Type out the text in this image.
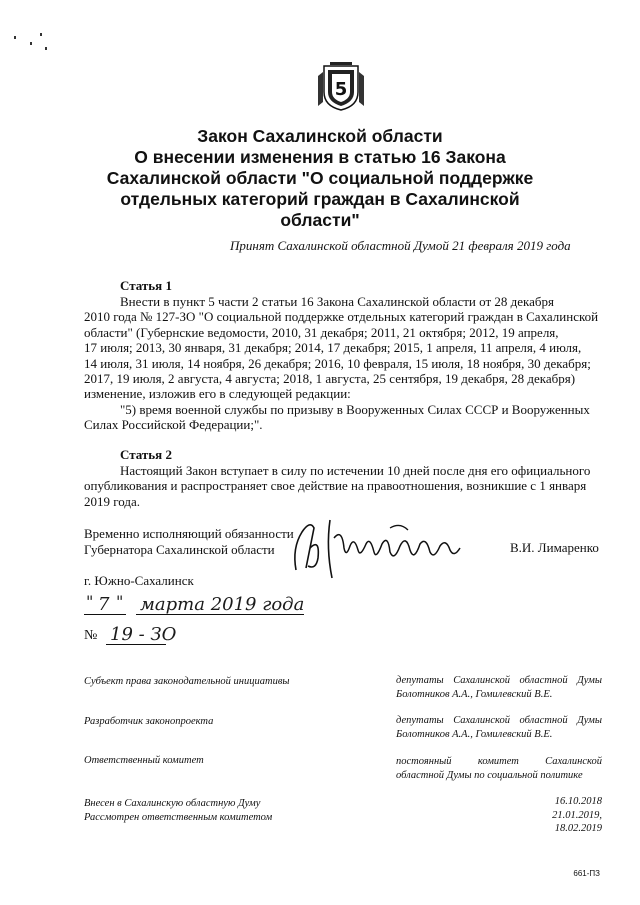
5
Закон Сахалинской области
О внесении изменения в статью 16 Закона
Сахалинской области "О социальной поддержке
отдельных категорий граждан в Сахалинской
области"
Принят Сахалинской областной Думой 21 февраля 2019 года
Статья 1
Внести в пункт 5 части 2 статьи 16 Закона Сахалинской области от 28 декабря
2010 года № 127-ЗО "О социальной поддержке отдельных категорий граждан в Сахалинской
области" (Губернские ведомости, 2010, 31 декабря; 2011, 21 октября; 2012, 19 апреля,
17 июля; 2013, 30 января, 31 декабря; 2014, 17 декабря; 2015, 1 апреля, 11 апреля, 4 июля,
14 июля, 31 июля, 14 ноября, 26 декабря; 2016, 10 февраля, 15 июля, 18 ноября, 30 декабря;
2017, 19 июля, 2 августа, 4 августа; 2018, 1 августа, 25 сентября, 19 декабря, 28 декабря)
изменение, изложив его в следующей редакции:
"5) время военной службы по призыву в Вооруженных Силах СССР и Вооруженных
Силах Российской Федерации;".
Статья 2
Настоящий Закон вступает в силу по истечении 10 дней после дня его официального
опубликования и распространяет свое действие на правоотношения, возникшие с 1 января
2019 года.
Временно исполняющий обязанности
Губернатора Сахалинской области	В.И. Лимаренко
г. Южно-Сахалинск
" 7 " марта 2019 года
№ 19 - ЗО
Субъект права законодательной инициативы	депутаты Сахалинской областной Думы Болотников А.А., Гомилевский В.Е.
Разработчик законопроекта	депутаты Сахалинской областной Думы Болотников А.А., Гомилевский В.Е.
Ответственный комитет	постоянный комитет Сахалинской областной Думы по социальной политике
Внесен в Сахалинскую областную Думу	16.10.2018
Рассмотрен ответственным комитетом	21.01.2019,
18.02.2019
661-ПЗ
